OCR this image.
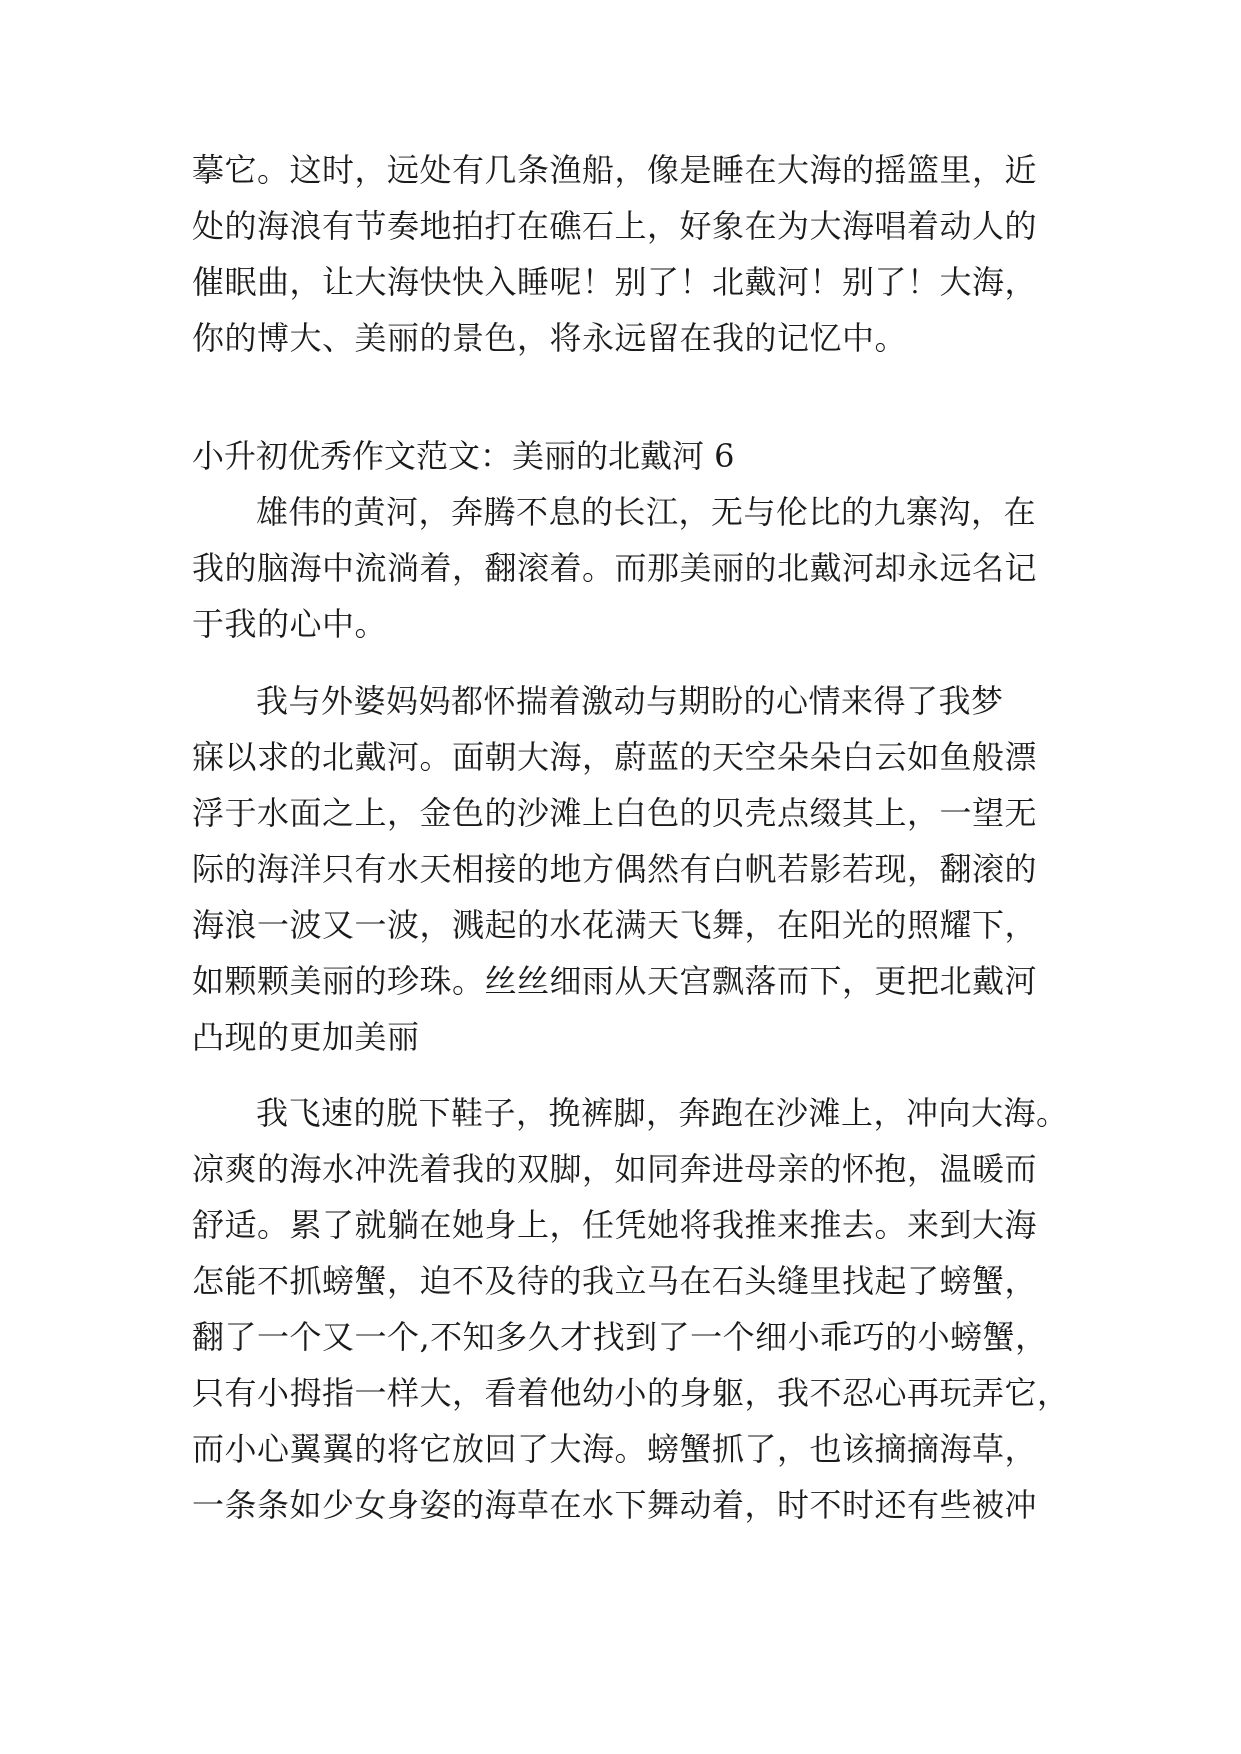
摹它。这时，远处有几条渔船，像是睡在大海的摇篮里，近
处的海浪有节奏地拍打在礁石上，好象在为大海唱着动人的
催眠曲，让大海快快入睡呢！别了！北戴河！别了！大海，
你的博大、美丽的景色，将永远留在我的记忆中。
小升初优秀作文范文：美丽的北戴河 6
雄伟的黄河，奔腾不息的长江，无与伦比的九寨沟，在
我的脑海中流淌着，翻滚着。而那美丽的北戴河却永远名记
于我的心中。
我与外婆妈妈都怀揣着激动与期盼的心情来得了我梦
寐以求的北戴河。面朝大海，蔚蓝的天空朵朵白云如鱼般漂
浮于水面之上，金色的沙滩上白色的贝壳点缀其上，一望无
际的海洋只有水天相接的地方偶然有白帆若影若现，翻滚的
海浪一波又一波，溅起的水花满天飞舞，在阳光的照耀下，
如颗颗美丽的珍珠。丝丝细雨从天宫飘落而下，更把北戴河
凸现的更加美丽
我飞速的脱下鞋子，挽裤脚，奔跑在沙滩上，冲向大海。
凉爽的海水冲洗着我的双脚，如同奔进母亲的怀抱，温暖而
舒适。累了就躺在她身上，任凭她将我推来推去。来到大海
怎能不抓螃蟹，迫不及待的我立马在石头缝里找起了螃蟹，
翻了一个又一个,不知多久才找到了一个细小乖巧的小螃蟹，
只有小拇指一样大，看着他幼小的身躯，我不忍心再玩弄它，
而小心翼翼的将它放回了大海。螃蟹抓了，也该摘摘海草，
一条条如少女身姿的海草在水下舞动着，时不时还有些被冲
